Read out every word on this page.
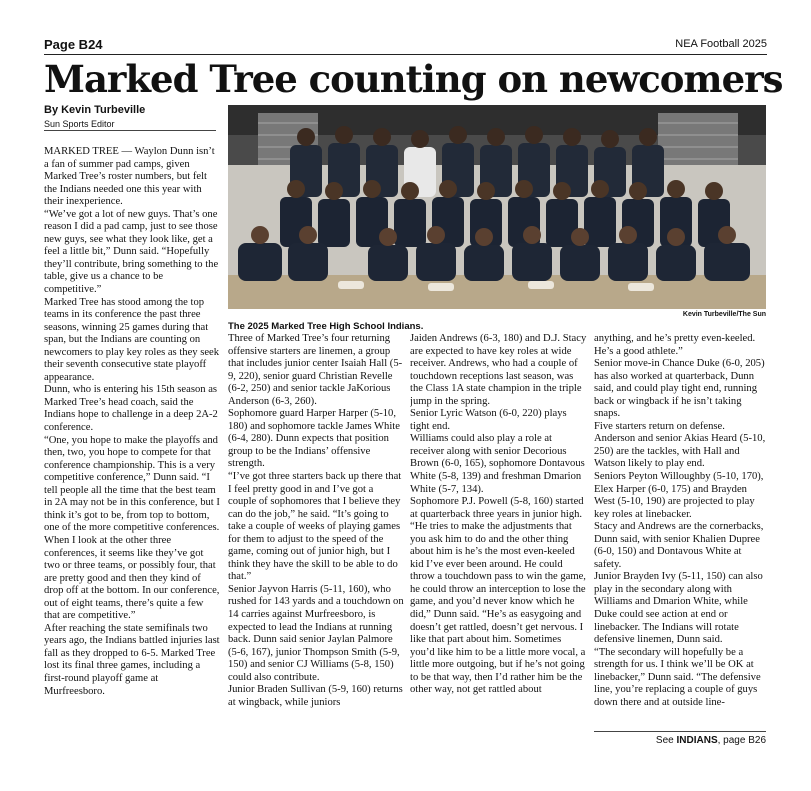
Page B24	NEA Football 2025
Marked Tree counting on newcomers
By Kevin Turbeville
Sun Sports Editor
Kevin Turbeville/The Sun
The 2025 Marked Tree High School Indians.

MARKED TREE — Waylon Dunn isn’t a fan of summer pad camps, given Marked Tree’s roster numbers, but felt the Indians needed one this year with their inexperience.

“We’ve got a lot of new guys. That’s one reason I did a pad camp, just to see those new guys, see what they look like, get a feel a little bit,” Dunn said. “Hopefully they’ll contribute, bring something to the table, give us a chance to be competitive.”

Marked Tree has stood among the top teams in its conference the past three seasons, winning 25 games during that span, but the Indians are counting on newcomers to play key roles as they seek their seventh consecutive state playoff appearance.

Dunn, who is entering his 15th season as Marked Tree’s head coach, said the Indians hope to challenge in a deep 2A-2 conference.

“One, you hope to make the playoffs and then, two, you hope to compete for that conference championship. This is a very competitive conference,” Dunn said. “I tell people all the time that the best team in 2A may not be in this conference, but I think it’s got to be, from top to bottom, one of the more competitive conferences. When I look at the other three conferences, it seems like they’ve got two or three teams, or possibly four, that are pretty good and then they kind of drop off at the bottom. In our conference, out of eight teams, there’s quite a few that are competitive.”

After reaching the state semifinals two years ago, the Indians battled injuries last fall as they dropped to 6-5. Marked Tree lost its final three games, including a first-round playoff game at Murfreesboro.

Three of Marked Tree’s four returning offensive starters are linemen, a group that includes junior center Isaiah Hall (5-9, 220), senior guard Christian Revelle (6-2, 250) and senior tackle JaKorious Anderson (6-3, 260).

Sophomore guard Harper Harper (5-10, 180) and sophomore tackle James White (6-4, 280). Dunn expects that position group to be the Indians’ offensive strength.

“I’ve got three starters back up there that I feel pretty good in and I’ve got a couple of sophomores that I believe they can do the job,” he said. “It’s going to take a couple of weeks of playing games for them to adjust to the speed of the game, coming out of junior high, but I think they have the skill to be able to do that.”

Senior Jayvon Harris (5-11, 160), who rushed for 143 yards and a touchdown on 14 carries against Murfreesboro, is expected to lead the Indians at running back. Dunn said senior Jaylan Palmore (5-6, 167), junior Thompson Smith (5-9, 150) and senior CJ Williams (5-8, 150) could also contribute.

Junior Braden Sullivan (5-9, 160) returns at wingback, while juniors

Jaiden Andrews (6-3, 180) and D.J. Stacy are expected to have key roles at wide receiver. Andrews, who had a couple of touchdown receptions last season, was the Class 1A state champion in the triple jump in the spring.

Senior Lyric Watson (6-0, 220) plays tight end.

Williams could also play a role at receiver along with senior Decorious Brown (6-0, 165), sophomore Dontavous White (5-8, 139) and freshman Dmarion White (5-7, 134).

Sophomore P.J. Powell (5-8, 160) started at quarterback three years in junior high.

“He tries to make the adjustments that you ask him to do and the other thing about him is he’s the most even-keeled kid I’ve ever been around. He could throw a touchdown pass to win the game, he could throw an interception to lose the game, and you’d never know which he did,” Dunn said. “He’s as easygoing and doesn’t get rattled, doesn’t get nervous. I like that part about him. Sometimes you’d like him to be a little more vocal, a little more outgoing, but if he’s not going to be that way, then I’d rather him be the other way, not get rattled about

anything, and he’s pretty even-keeled. He’s a good athlete.”

Senior move-in Chance Duke (6-0, 205) has also worked at quarterback, Dunn said, and could play tight end, running back or wingback if he isn’t taking snaps.

Five starters return on defense.

Anderson and senior Akias Heard (5-10, 250) are the tackles, with Hall and Watson likely to play end.

Seniors Peyton Willoughby (5-10, 170), Elex Harper (6-0, 175) and Brayden West (5-10, 190) are projected to play key roles at linebacker.

Stacy and Andrews are the cornerbacks, Dunn said, with senior Khalien Dupree (6-0, 150) and Dontavous White at safety.

Junior Brayden Ivy (5-11, 150) can also play in the secondary along with Williams and Dmarion White, while Duke could see action at end or linebacker. The Indians will rotate defensive linemen, Dunn said.

“The secondary will hopefully be a strength for us. I think we’ll be OK at linebacker,” Dunn said. “The defensive line, you’re replacing a couple of guys down there and at outside line-

See INDIANS, page B26
